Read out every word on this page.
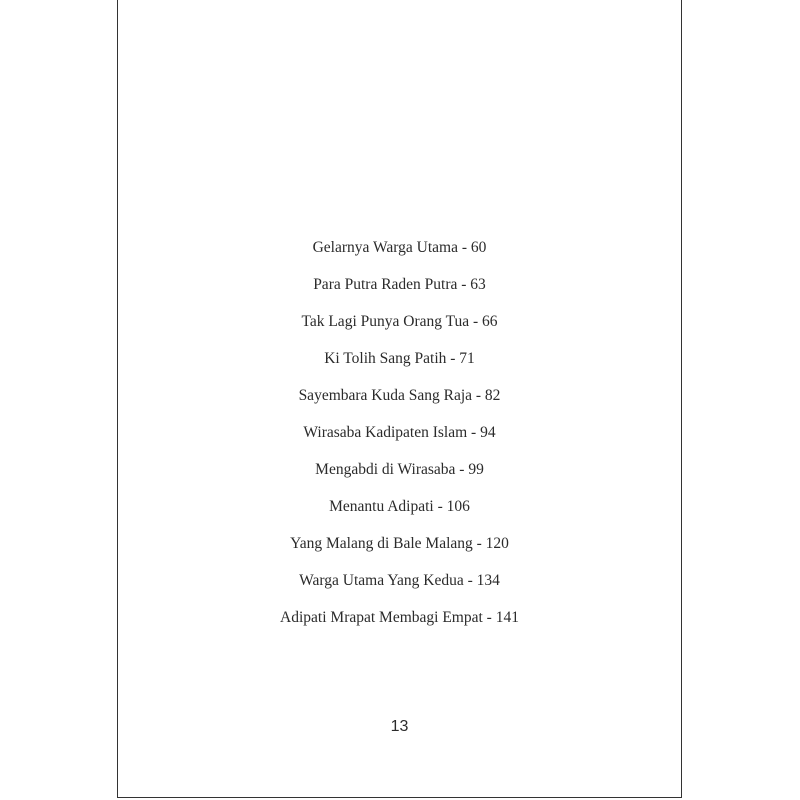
Gelarnya Warga Utama - 60
Para Putra Raden Putra - 63
Tak Lagi Punya Orang Tua - 66
Ki Tolih Sang Patih - 71
Sayembara Kuda Sang Raja - 82
Wirasaba Kadipaten Islam - 94
Mengabdi di Wirasaba - 99
Menantu Adipati - 106
Yang Malang di Bale Malang - 120
Warga Utama Yang Kedua - 134
Adipati Mrapat Membagi Empat - 141
13
